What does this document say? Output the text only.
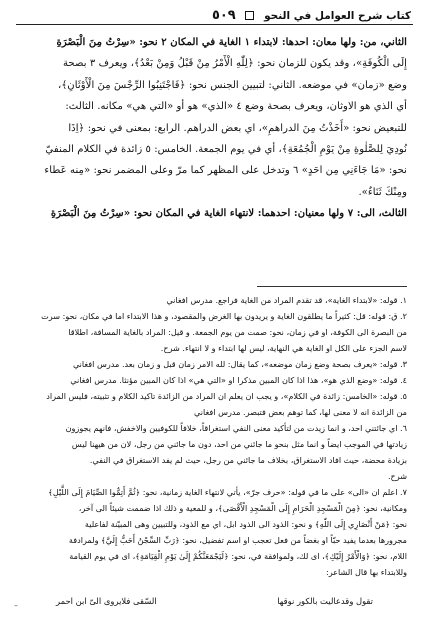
كتاب شرح العوامل في النحو  ٥٠٩

الثاني، من: ولها معان: احدها: لابتداء ١ الغاية في المكان ٢ نحو: «سِرْتُ مِنَ الْبَصْرَةِ

إِلَى الْكُوفَةِ»، وقد يكون للزمان نحو: ﴿لِلّٰهِ الْأَمْرُ مِنْ قَبْلُ وَمِنْ بَعْدُ﴾، ويعرف ٣ بصحة

وضع «زمان» في موضعه. الثاني: لتبيين الجنس نحو: ﴿فَاجْتَنِبُوا الرِّجْسَ مِنَ الْأَوْثَانِ﴾،

أي الذي هو الاوثان، ويعرف بصحة وضع ٤ «الذي» هو أو «التي هي» مكانه. الثالث:

للتبعيض نحو: «أَخَذْتُ مِنَ الدراهمِ»، اي بعض الدراهم. الرابع: بمعنى في نحو: ﴿اِذَا

نُودِيَ لِلصَّلٰوةِ مِنْ يَوْمِ الْجُمُعَةِ﴾، أي في يوم الجمعة. الخامس: ٥ زائدة في الكلام المنفيّ

نحو: «مَا جَاءَنِي مِن احَدٍ» ٦ وتدخل على المظهر كما مرّ وعلى المضمر نحو: «مِنه عَطاء

ومِنْكَ ثَنَاءٌ».

الثالث، الى: ٧ ولها معنيان: احدهما: لانتهاء الغاية في المكان نحو: «سِرْتُ مِنَ الْبَصْرَةِ

١. قوله: «لابتداء الغاية»، قد تقدم المراد من الغاية فراجع. مدرس افغاني

٢. ق: قوله: قل: كثيراً ما يطلقون الغاية و يريدون بها الغرض والمقصود، و هذا الابتداء اما في مكان، نحو: سرت

من البصرة الى الكوفة، او في زمان، نحو: صمت من يوم الجمعة. و قيل: المراد بالغاية المسافة، اطلاقا

لاسم الجزء على الكل او الغاية هي النهاية، ليس لها ابتداء و لا انتهاء. شرح.

٣. قوله: «يعرف بصحة وضع زمان موضعه»، كما يقال: لله الامر زمان قبل و زمان بعد. مدرس افغاني

٤. قوله: «وضع الذي هو»، هذا اذا كان المبين مذكرا او «التي هي» اذا كان المبين مؤنثا. مدرس افغاني

٥. قوله: «الخامس: زائدة في الكلام»، و يجب ان يعلم ان المراد من الزائدة تاكيد الكلام و تثبيته، فليس المراد

من الزائدة انه لا معنى لها، كما توهم بعض فتبصر. مدرس افغاني

٦. اي جائتني احد، و انما زيدت من لتأكيد معنى النفي استغراقاً، خلافاً للكوفيين والاخفش، فانهم يجوزون

زيادتها في الموجب ايضاً و انما مثل بنحو ما جائني من احد، دون ما جائني من رجل، لان من هيهنا ليس

بزيادة محضة، حيث افاد الاستغراق، بخلاف ما جائني من رجل، حيث لم يفد الاستغراق في النفي.

شرح.

٧. اعلم ان «الى» على ما في قوله: «حرف جرّ»، يأتي لانتهاء الغاية زمانية، نحو: ﴿ثُمَّ أَتِمُّوا الصِّيَامَ إِلَى اللَّيْلِ﴾

ومكانية، نحو: ﴿مِنَ الْمَسْجِدِ الْحَرَامِ إِلَى الْمَسْجِدِ الْأَقْصَى﴾، و للمعية و ذلك اذا ضممت شيئاً الى آخر،

نحو: ﴿مَنْ أَنْصَارِي إِلَى اللّٰهِ﴾ و نحو: الذود الى الذود ابل، اي مع الذود، وللتبيين وهى المبيّنة لفاعلية

مجرورها بعدما يفيد حبّاً او بغضاً من فعل تعجب او اسم تفضيل، نحو: ﴿رَبِّ السِّجْنُ أَحَبُّ إِلَيَّ﴾ ولمرادفة

اللام، نحو: ﴿وَالْأَمْرُ إِلَيْكِ﴾، اى لك، ولموافقة في، نحو: ﴿لَيَجْمَعَنَّكُمْ إِلَىٰ يَوْمِ الْقِيَامَةِ﴾، اى في يوم القيامة

وللابتداء بها قال الشاعر:

تقول وقدعاليت بالكور نوقها
السّقى فلايروى الىّ ابن احمر
–
